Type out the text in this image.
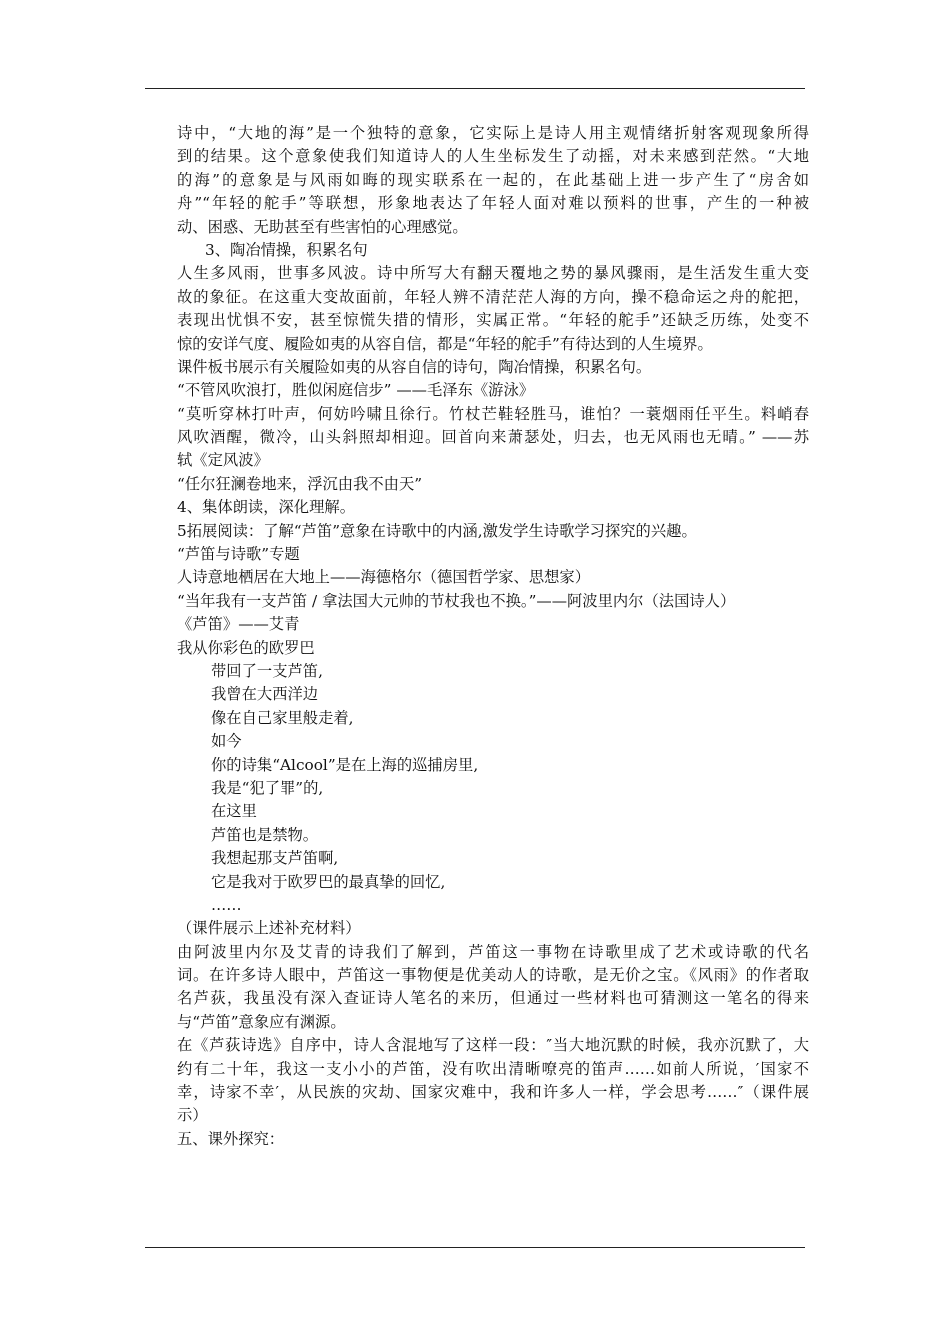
诗中，“大地的海”是一个独特的意象，它实际上是诗人用主观情绪折射客观现象所得
到的结果。这个意象使我们知道诗人的人生坐标发生了动摇，对未来感到茫然。“大地
的海”的意象是与风雨如晦的现实联系在一起的，在此基础上进一步产生了“房舍如
舟”“年轻的舵手”等联想，形象地表达了年轻人面对难以预料的世事，产生的一种被
动、困惑、无助甚至有些害怕的心理感觉。
3、陶冶情操，积累名句
人生多风雨，世事多风波。诗中所写大有翻天覆地之势的暴风骤雨，是生活发生重大变
故的象征。在这重大变故面前，年轻人辨不清茫茫人海的方向，操不稳命运之舟的舵把，
表现出忧惧不安，甚至惊慌失措的情形，实属正常。“年轻的舵手”还缺乏历练，处变不
惊的安详气度、履险如夷的从容自信，都是“年轻的舵手”有待达到的人生境界。
课件板书展示有关履险如夷的从容自信的诗句，陶冶情操，积累名句。
“不管风吹浪打，胜似闲庭信步” ——毛泽东《游泳》
“莫听穿林打叶声，何妨吟啸且徐行。竹杖芒鞋轻胜马，谁怕？一蓑烟雨任平生。料峭春
风吹酒醒，微冷，山头斜照却相迎。回首向来萧瑟处，归去，也无风雨也无晴。” ——苏
轼《定风波》
“任尔狂澜卷地来，浮沉由我不由天”
4、集体朗读，深化理解。
5拓展阅读：了解“芦笛”意象在诗歌中的内涵,激发学生诗歌学习探究的兴趣。
“芦笛与诗歌”专题
人诗意地栖居在大地上——海德格尔（德国哲学家、思想家）
“当年我有一支芦笛 / 拿法国大元帅的节杖我也不换。”——阿波里内尔（法国诗人）
《芦笛》——艾青
我从你彩色的欧罗巴
带回了一支芦笛,
我曾在大西洋边
像在自己家里般走着,
如今
你的诗集“Alcool”是在上海的巡捕房里,
我是“犯了罪”的,
在这里
芦笛也是禁物。
我想起那支芦笛啊,
它是我对于欧罗巴的最真挚的回忆,
……
（课件展示上述补充材料）
由阿波里内尔及艾青的诗我们了解到，芦笛这一事物在诗歌里成了艺术或诗歌的代名
词。在许多诗人眼中，芦笛这一事物便是优美动人的诗歌，是无价之宝。《风雨》的作者取
名芦荻，我虽没有深入查证诗人笔名的来历，但通过一些材料也可猜测这一笔名的得来
与“芦笛”意象应有渊源。
在《芦荻诗选》自序中，诗人含混地写了这样一段：″当大地沉默的时候，我亦沉默了，大
约有二十年，我这一支小小的芦笛，没有吹出清晰嘹亮的笛声……如前人所说，′国家不
幸，诗家不幸′，从民族的灾劫、国家灾难中，我和许多人一样，学会思考……″（课件展
示）
五、课外探究：
